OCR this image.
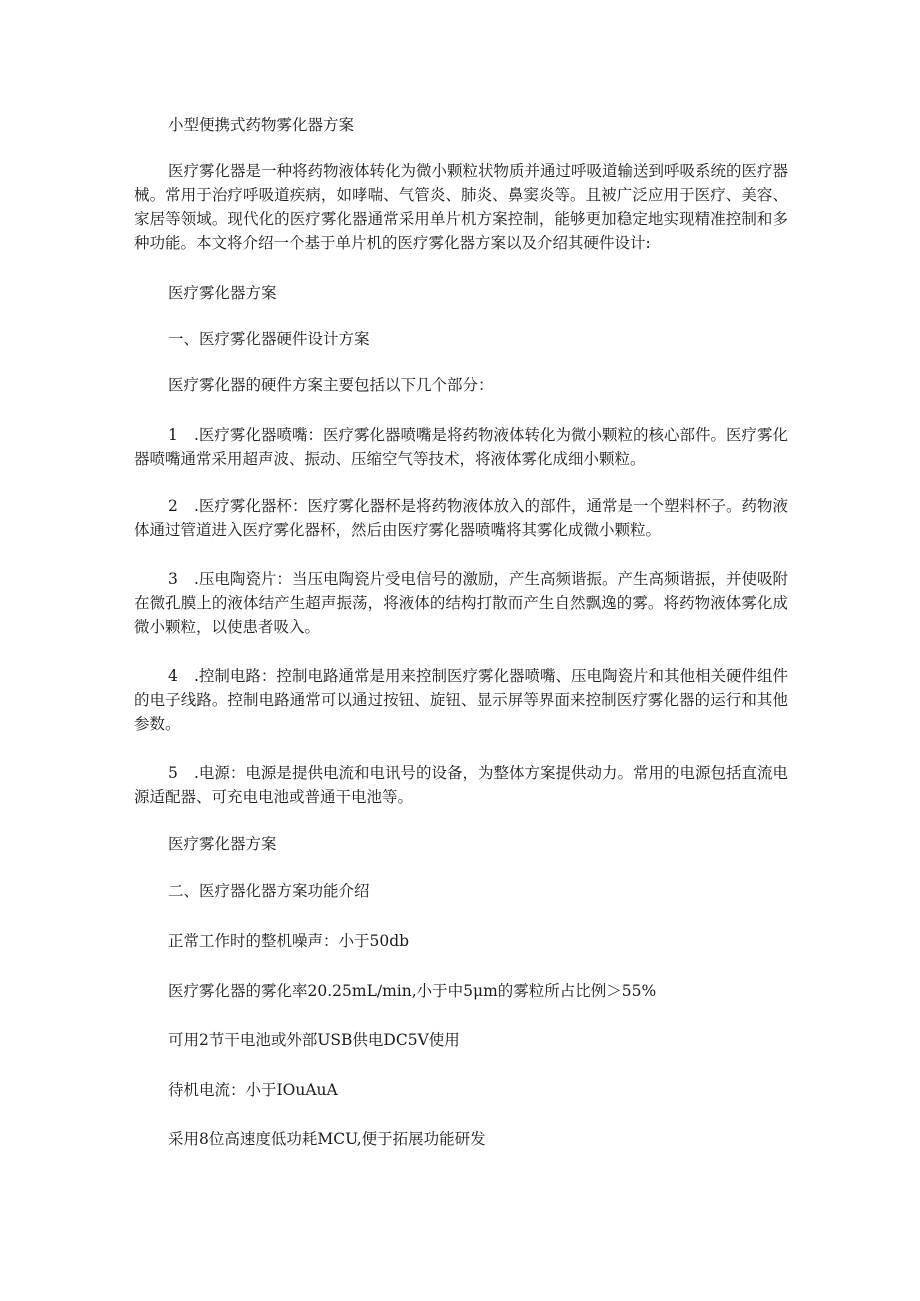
小型便携式药物雾化器方案

医疗雾化器是一种将药物液体转化为微小颗粒状物质并通过呼吸道输送到呼吸系统的医疗器械。常用于治疗呼吸道疾病，如哮喘、气管炎、肺炎、鼻窦炎等。且被广泛应用于医疗、美容、家居等领域。现代化的医疗雾化器通常采用单片机方案控制，能够更加稳定地实现精准控制和多种功能。本文将介绍一个基于单片机的医疗雾化器方案以及介绍其硬件设计:

医疗雾化器方案

一、医疗雾化器硬件设计方案

医疗雾化器的硬件方案主要包括以下几个部分：

1 .医疗雾化器喷嘴：医疗雾化器喷嘴是将药物液体转化为微小颗粒的核心部件。医疗雾化器喷嘴通常采用超声波、振动、压缩空气等技术，将液体雾化成细小颗粒。

2 .医疗雾化器杯：医疗雾化器杯是将药物液体放入的部件，通常是一个塑料杯子。药物液体通过管道进入医疗雾化器杯，然后由医疗雾化器喷嘴将其雾化成微小颗粒。

3 .压电陶瓷片：当压电陶瓷片受电信号的激励，产生高频谐振。产生高频谐振，并使吸附在微孔膜上的液体结产生超声振荡，将液体的结构打散而产生自然飘逸的雾。将药物液体雾化成微小颗粒，以使患者吸入。

4 .控制电路：控制电路通常是用来控制医疗雾化器喷嘴、压电陶瓷片和其他相关硬件组件的电子线路。控制电路通常可以通过按钮、旋钮、显示屏等界面来控制医疗雾化器的运行和其他参数。

5 .电源：电源是提供电流和电讯号的设备，为整体方案提供动力。常用的电源包括直流电源适配器、可充电电池或普通干电池等。

医疗雾化器方案

二、医疗器化器方案功能介绍

正常工作时的整机噪声：小于50db

医疗雾化器的雾化率20.25mL∕min,小于中5μm的雾粒所占比例＞55%

可用2节干电池或外部USB供电DC5V使用

待机电流：小于IOuAuA

采用8位高速度低功耗MCU,便于拓展功能研发
